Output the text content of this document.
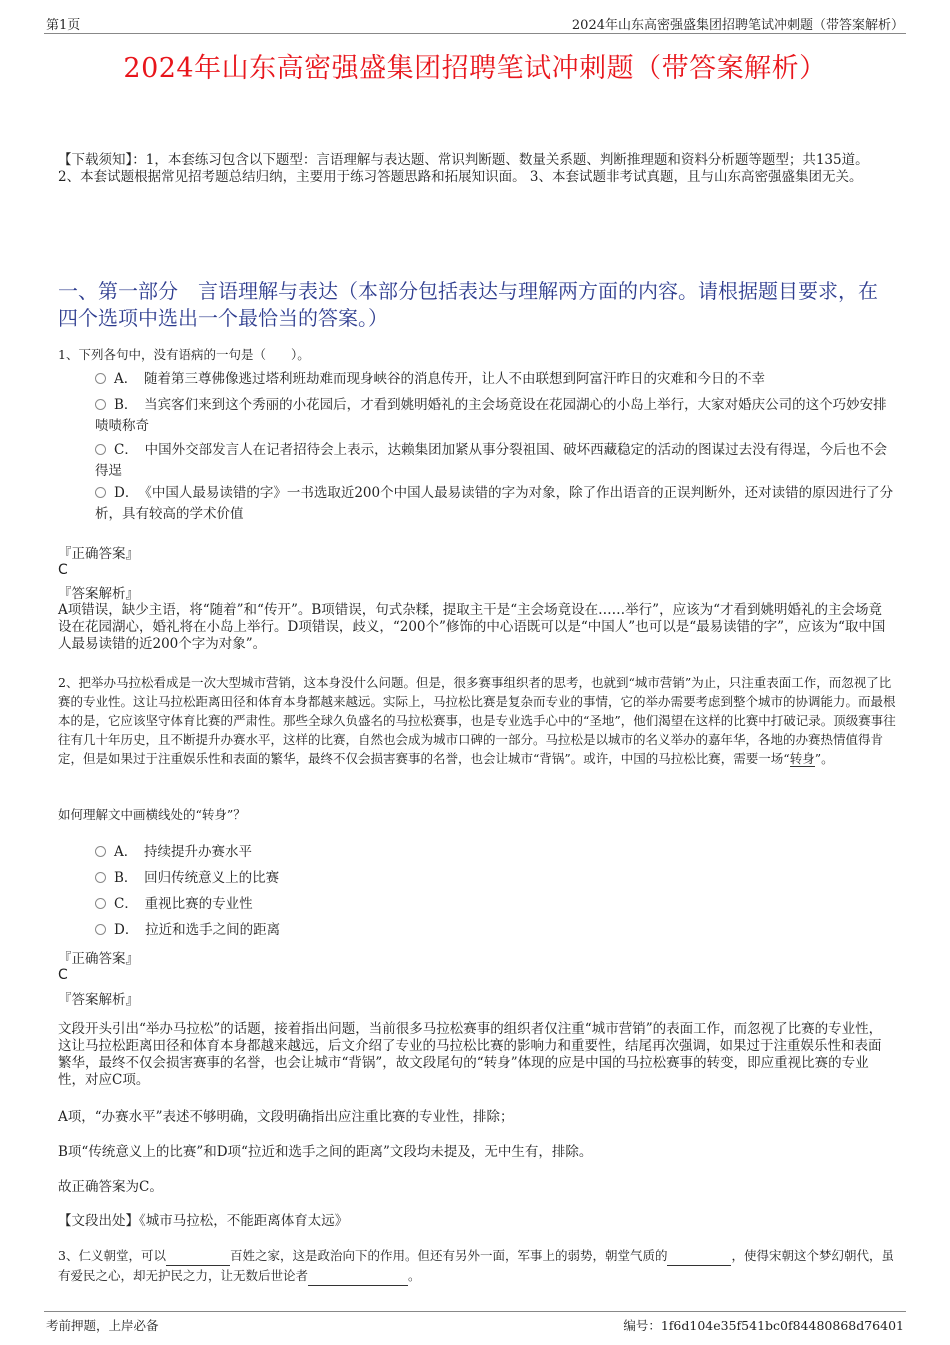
第1页	2024年山东高密强盛集团招聘笔试冲刺题（带答案解析）
2024年山东高密强盛集团招聘笔试冲刺题（带答案解析）
【下载须知】：1，本套练习包含以下题型：言语理解与表达题、常识判断题、数量关系题、判断推理题和资料分析题等题型；共135道。 2、本套试题根据常见招考题总结归纳，主要用于练习答题思路和拓展知识面。 3、本套试题非考试真题，且与山东高密强盛集团无关。
一、第一部分　言语理解与表达（本部分包括表达与理解两方面的内容。请根据题目要求，在四个选项中选出一个最恰当的答案。）
1、下列各句中，没有语病的一句是（　　）。
A．　随着第三尊佛像逃过塔利班劫难而现身峡谷的消息传开，让人不由联想到阿富汗昨日的灾难和今日的不幸
B．　当宾客们来到这个秀丽的小花园后，才看到姚明婚礼的主会场竟设在花园湖心的小岛上举行，大家对婚庆公司的这个巧妙安排啧啧称奇
C．　中国外交部发言人在记者招待会上表示，达赖集团加紧从事分裂祖国、破坏西藏稳定的活动的图谋过去没有得逞，今后也不会得逞
D．　《中国人最易读错的字》一书选取近200个中国人最易读错的字为对象，除了作出语音的正误判断外，还对读错的原因进行了分析，具有较高的学术价值
『正确答案』
C
『答案解析』
A项错误，缺少主语，将“随着”和“传开”。B项错误，句式杂糅，提取主干是“主会场竟设在……举行”，应该为“才看到姚明婚礼的主会场竟设在花园湖心，婚礼将在小岛上举行。D项错误，歧义，“200个”修饰的中心语既可以是“中国人”也可以是“最易读错的字”，应该为“取中国人最易读错的近200个字为对象”。
2、把举办马拉松看成是一次大型城市营销，这本身没什么问题。但是，很多赛事组织者的思考，也就到“城市营销”为止，只注重表面工作，而忽视了比赛的专业性。这让马拉松距离田径和体育本身都越来越远。实际上，马拉松比赛是复杂而专业的事情，它的举办需要考虑到整个城市的协调能力。而最根本的是，它应该坚守体育比赛的严肃性。那些全球久负盛名的马拉松赛事，也是专业选手心中的“圣地”，他们渴望在这样的比赛中打破记录。顶级赛事往往有几十年历史，且不断提升办赛水平，这样的比赛，自然也会成为城市口碑的一部分。马拉松是以城市的名义举办的嘉年华，各地的办赛热情值得肯定，但是如果过于注重娱乐性和表面的繁华，最终不仅会损害赛事的名誉，也会让城市“背锅”。或许，中国的马拉松比赛，需要一场“转身”。
如何理解文中画横线处的“转身”？
A．　持续提升办赛水平
B．　回归传统意义上的比赛
C．　重视比赛的专业性
D．　拉近和选手之间的距离
『正确答案』
C
『答案解析』
文段开头引出“举办马拉松”的话题，接着指出问题，当前很多马拉松赛事的组织者仅注重“城市营销”的表面工作，而忽视了比赛的专业性，这让马拉松距离田径和体育本身都越来越远，后文介绍了专业的马拉松比赛的影响力和重要性，结尾再次强调，如果过于注重娱乐性和表面繁华，最终不仅会损害赛事的名誉，也会让城市“背锅”，故文段尾句的“转身”体现的应是中国的马拉松赛事的转变，即应重视比赛的专业性，对应C项。
A项，“办赛水平”表述不够明确，文段明确指出应注重比赛的专业性，排除；
B项“传统意义上的比赛”和D项“拉近和选手之间的距离”文段均未提及，无中生有，排除。
故正确答案为C。
【文段出处】《城市马拉松，不能距离体育太远》
3、仁义朝堂，可以	百姓之家，这是政治向下的作用。但还有另外一面，军事上的弱势，朝堂气质的	，使得宋朝这个梦幻朝代，虽有爱民之心，却无护民之力，让无数后世论者	。
考前押题，上岸必备	编号：1f6d104e35f541bc0f84480868d76401
